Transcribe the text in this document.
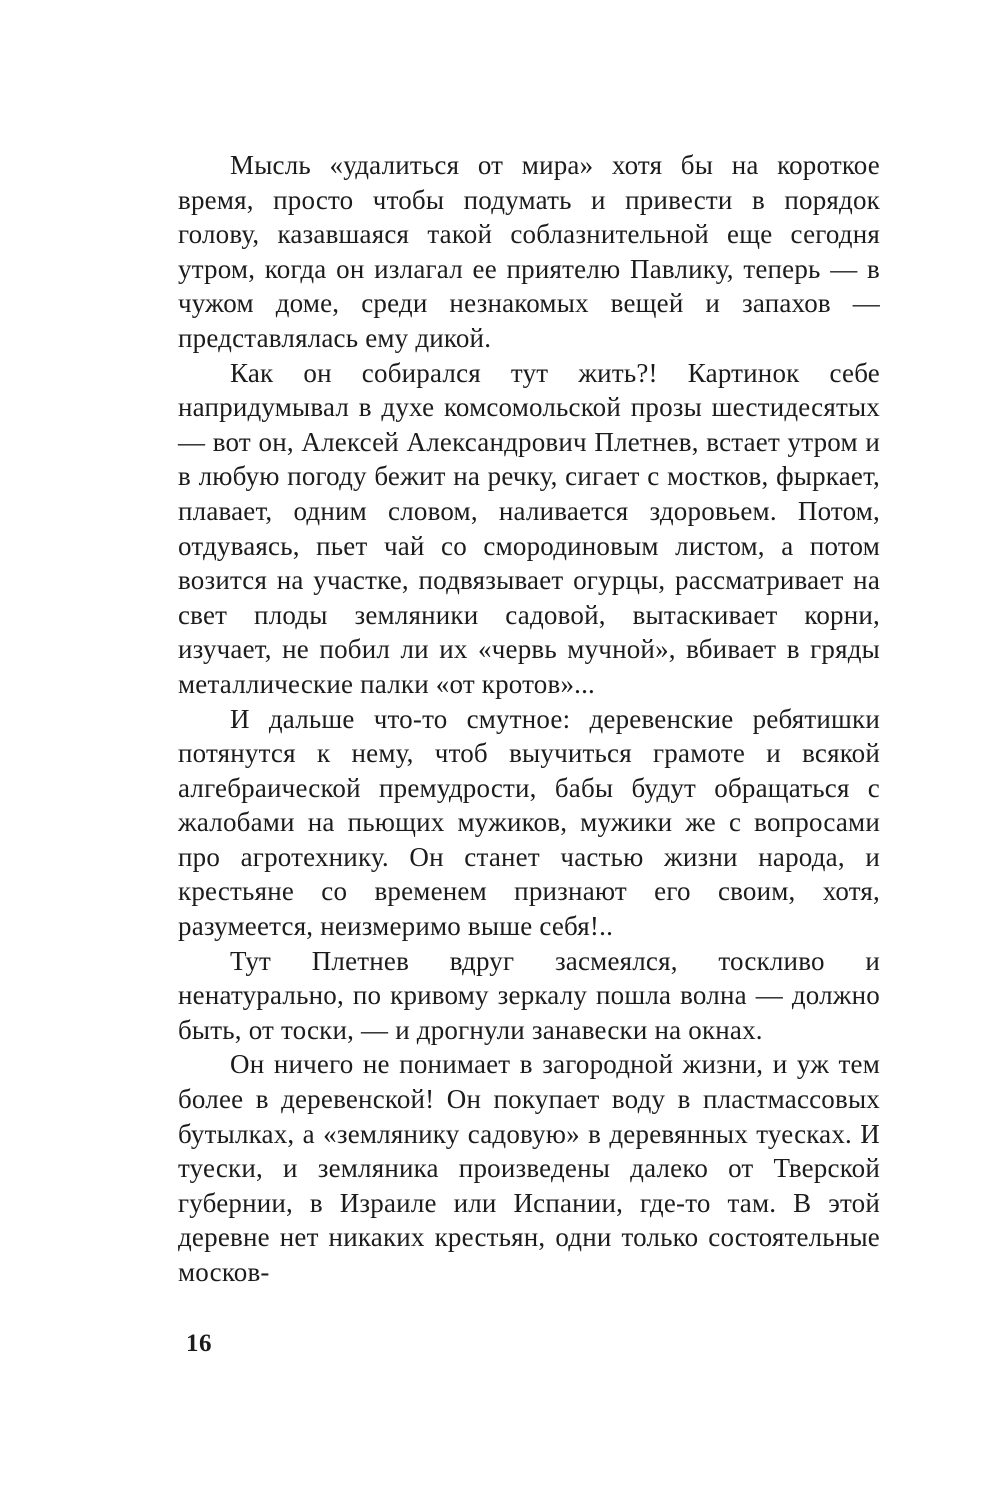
Мысль «удалиться от мира» хотя бы на короткое время, просто чтобы подумать и привести в порядок голову, казавшаяся такой соблазнительной еще сегодня утром, когда он излагал ее приятелю Павлику, теперь — в чужом доме, среди незнакомых вещей и запахов — представлялась ему дикой.

Как он собирался тут жить?! Картинок себе напридумывал в духе комсомольской прозы шестидесятых — вот он, Алексей Александрович Плетнев, встает утром и в любую погоду бежит на речку, сигает с мостков, фыркает, плавает, одним словом, наливается здоровьем. Потом, отдуваясь, пьет чай со смородиновым листом, а потом возится на участке, подвязывает огурцы, рассматривает на свет плоды земляники садовой, вытаскивает корни, изучает, не побил ли их «червь мучной», вбивает в гряды металлические палки «от кротов»...

И дальше что-то смутное: деревенские ребятишки потянутся к нему, чтоб выучиться грамоте и всякой алгебраической премудрости, бабы будут обращаться с жалобами на пьющих мужиков, мужики же с вопросами про агротехнику. Он станет частью жизни народа, и крестьяне со временем признают его своим, хотя, разумеется, неизмеримо выше себя!..

Тут Плетнев вдруг засмеялся, тоскливо и ненатурально, по кривому зеркалу пошла волна — должно быть, от тоски, — и дрогнули занавески на окнах.

Он ничего не понимает в загородной жизни, и уж тем более в деревенской! Он покупает воду в пластмассовых бутылках, а «землянику садовую» в деревянных туесках. И туески, и земляника произведены далеко от Тверской губернии, в Израиле или Испании, где-то там. В этой деревне нет никаких крестьян, одни только состоятельные москов-

16
